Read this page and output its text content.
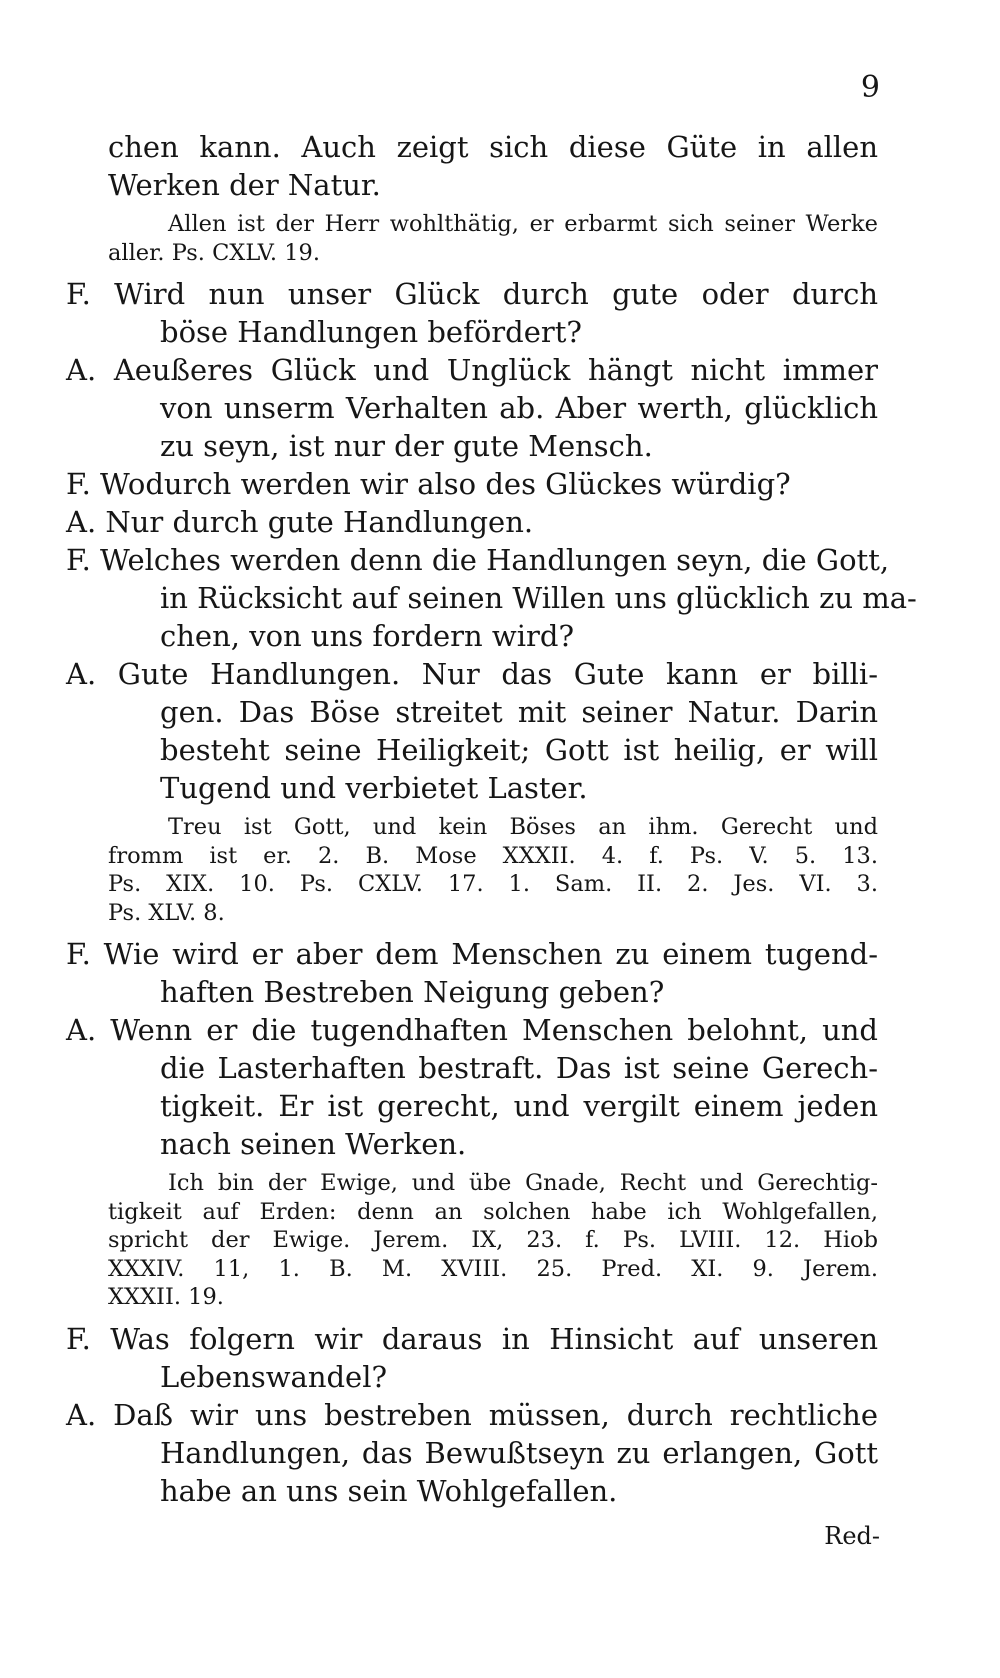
9

chen kann. Auch zeigt sich diese Güte in allen
Werken der Natur.
Allen ist der Herr wohlthätig, er erbarmt sich seiner Werke
aller. Ps. CXLV. 19.
F. Wird nun unser Glück durch gute oder durch
böse Handlungen befördert?
A. Aeußeres Glück und Unglück hängt nicht immer
von unserm Verhalten ab. Aber werth, glücklich
zu seyn, ist nur der gute Mensch.
F. Wodurch werden wir also des Glückes würdig?
A. Nur durch gute Handlungen.
F. Welches werden denn die Handlungen seyn, die Gott,
in Rücksicht auf seinen Willen uns glücklich zu ma-
chen, von uns fordern wird?
A. Gute Handlungen. Nur das Gute kann er billi-
gen. Das Böse streitet mit seiner Natur. Darin
besteht seine Heiligkeit; Gott ist heilig, er will
Tugend und verbietet Laster.
Treu ist Gott, und kein Böses an ihm. Gerecht und
fromm ist er. 2. B. Mose XXXII. 4. f. Ps. V. 5. 13.
Ps. XIX. 10. Ps. CXLV. 17. 1. Sam. II. 2. Jes. VI. 3.
Ps. XLV. 8.
F. Wie wird er aber dem Menschen zu einem tugend-
haften Bestreben Neigung geben?
A. Wenn er die tugendhaften Menschen belohnt, und
die Lasterhaften bestraft. Das ist seine Gerech-
tigkeit. Er ist gerecht, und vergilt einem jeden
nach seinen Werken.
Ich bin der Ewige, und übe Gnade, Recht und Gerechtig-
tigkeit auf Erden: denn an solchen habe ich Wohlgefallen,
spricht der Ewige. Jerem. IX, 23. f. Ps. LVIII. 12. Hiob
XXXIV. 11, 1. B. M. XVIII. 25. Pred. XI. 9. Jerem.
XXXII. 19.
F. Was folgern wir daraus in Hinsicht auf unseren
Lebenswandel?
A. Daß wir uns bestreben müssen, durch rechtliche
Handlungen, das Bewußtseyn zu erlangen, Gott
habe an uns sein Wohlgefallen.

Red-
